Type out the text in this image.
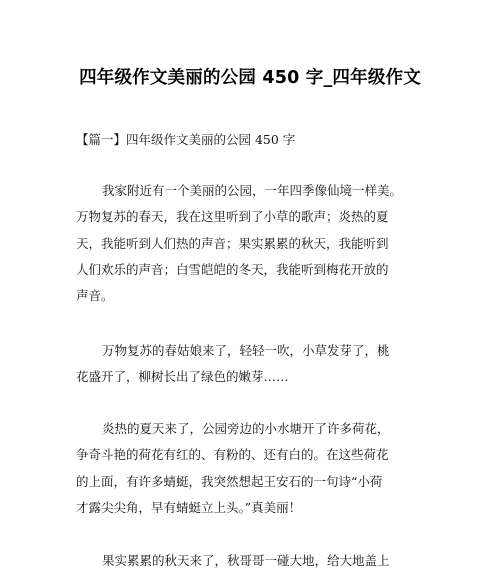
四年级作文美丽的公园 450 字_四年级作文
【篇一】四年级作文美丽的公园 450 字
我家附近有一个美丽的公园，一年四季像仙境一样美。
万物复苏的春天，我在这里听到了小草的歌声；炎热的夏
天，我能听到人们热的声音；果实累累的秋天，我能听到
人们欢乐的声音；白雪皑皑的冬天，我能听到梅花开放的
声音。
万物复苏的春姑娘来了，轻轻一吹，小草发芽了，桃
花盛开了，柳树长出了绿色的嫩芽……
炎热的夏天来了，公园旁边的小水塘开了许多荷花，
争奇斗艳的荷花有红的、有粉的、还有白的。在这些荷花
的上面，有许多蜻蜓，我突然想起王安石的一句诗“小荷
才露尖尖角，早有蜻蜓立上头。”真美丽！
果实累累的秋天来了，秋哥哥一碰大地，给大地盖上
